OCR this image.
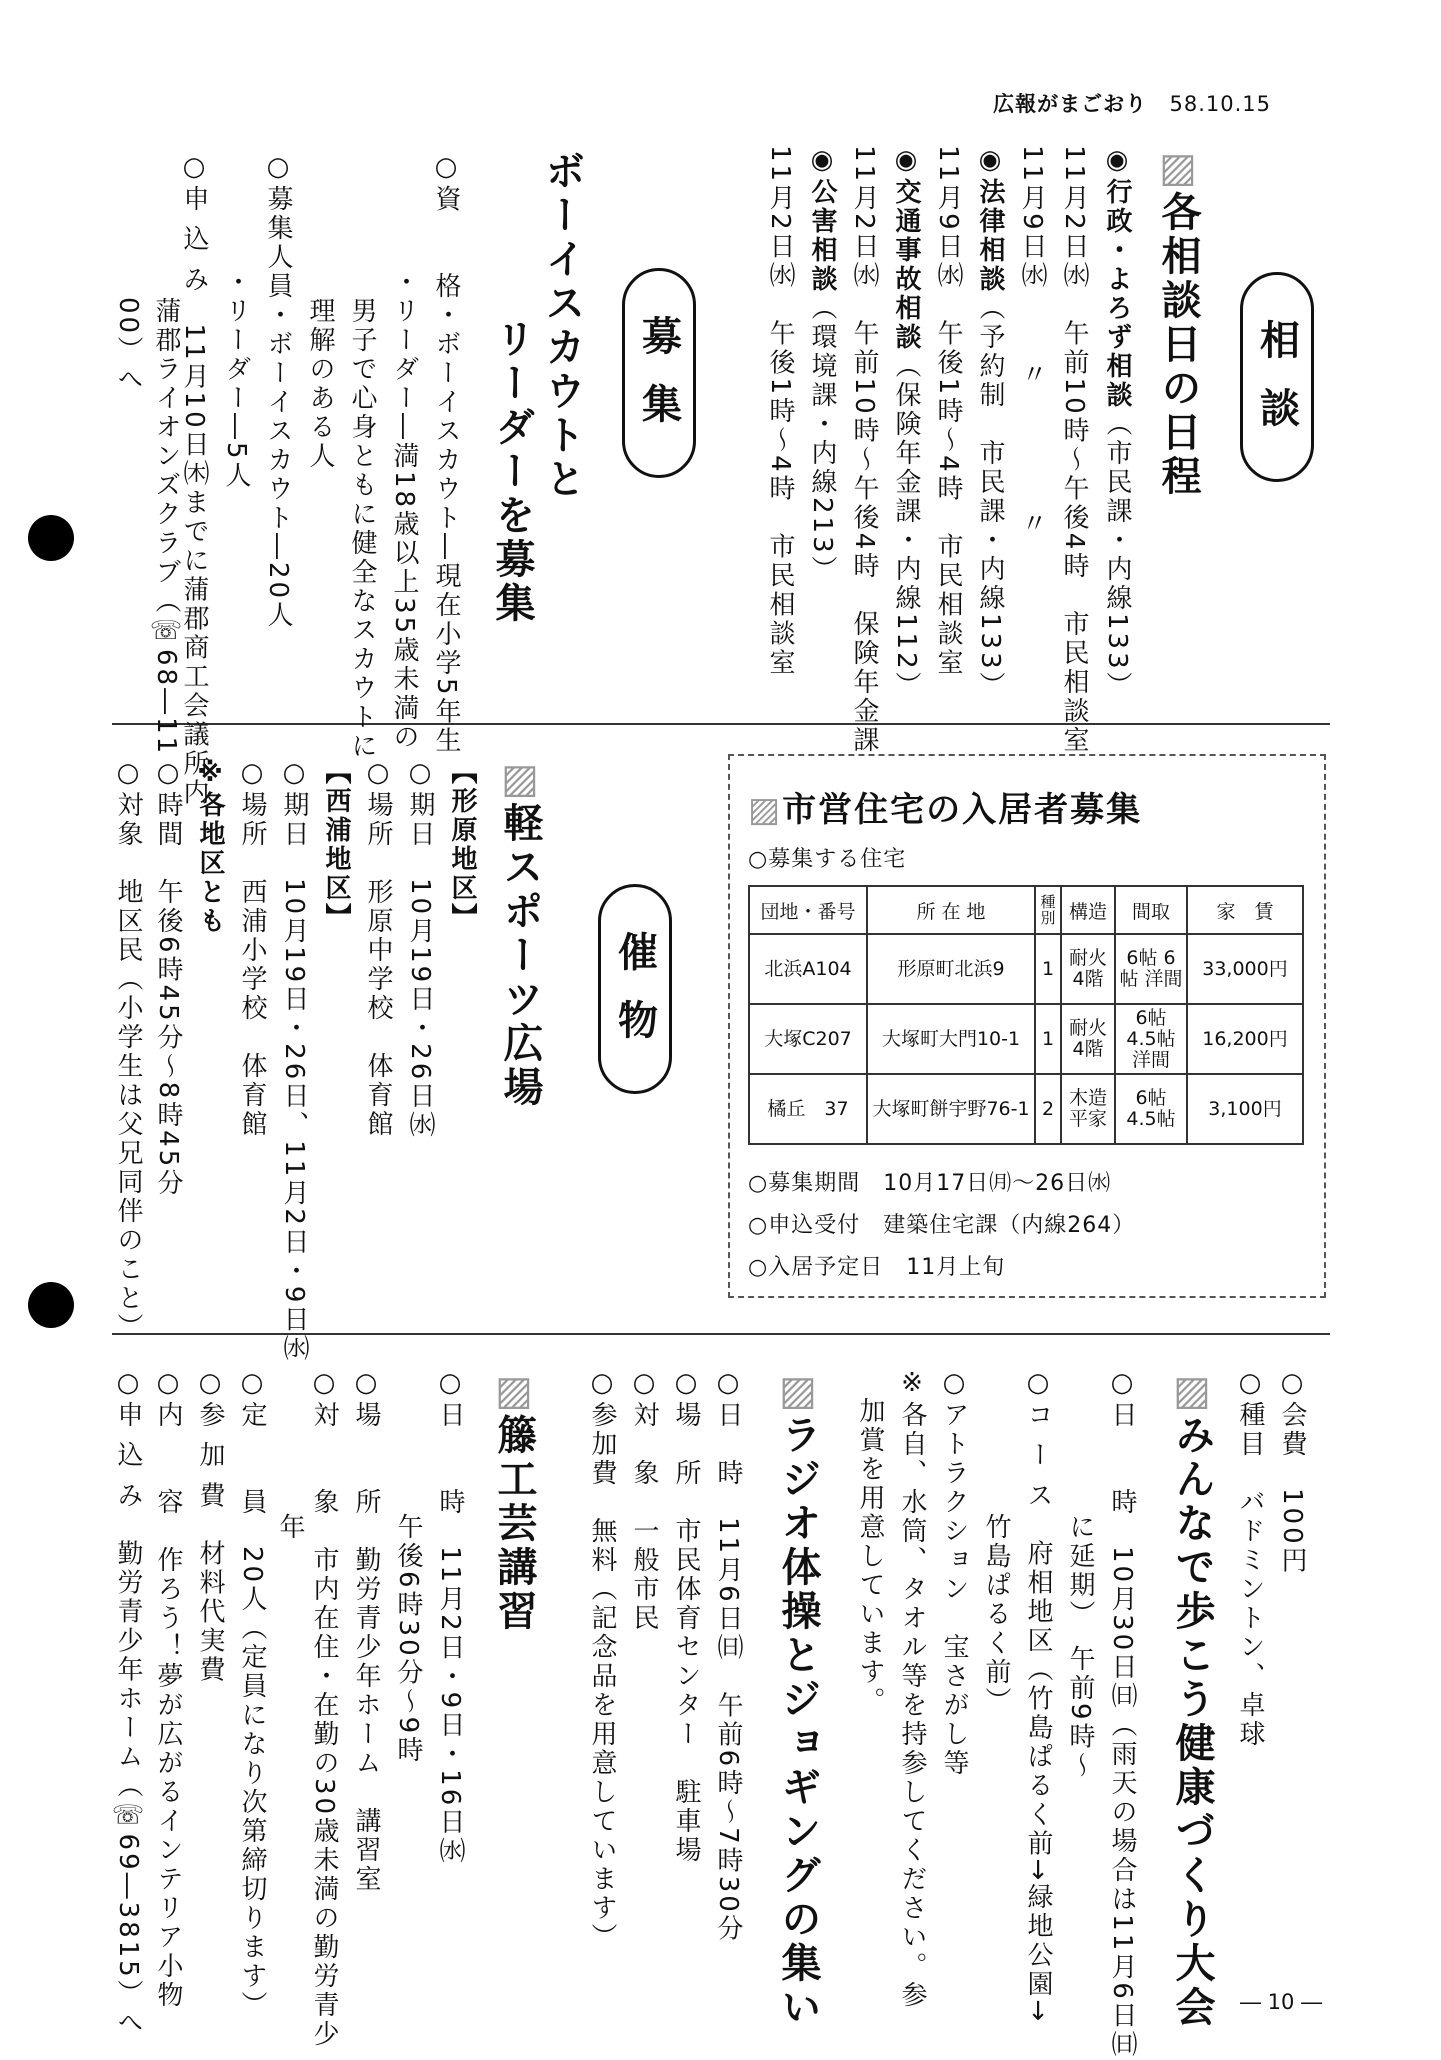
広報がまごおり 58.10.15
相談
▨各相談日の日程
◉行政・よろず相談（市民課・内線133）
11月2日㈬　午前10時〜午後4時　市民相談室
11月9日㈬〃〃
◉法律相談（予約制　市民課・内線133）
11月9日㈬　午後1時〜4時　市民相談室
◉交通事故相談（保険年金課・内線112）
11月2日㈬　午前10時〜午後4時　保険年金課
◉公害相談（環境課・内線213）
11月2日㈬　午後1時〜4時　市民相談室
募集
ボーイスカウトと
リーダーを募集
○資　　格・ボーイスカウト―現在小学5年生
　　　　・リーダー―満18歳以上35歳未満の
　　　　　男子で心身ともに健全なスカウトに
　　　　　理解のある人
○募集人員・ボーイスカウト―20人
　　　　・リーダー―5人
○申 込 み　11月10日㈭までに蒲郡商工会議所内
　　　　　蒲郡ライオンズクラブ（☏68―11
　　　　　00）へ
▨市営住宅の入居者募集
○募集する住宅
団地・番号	所 在 地	種別	構造	間取	家　賃
北浜A104	形原町北浜9	1	耐火 4階	6帖 6帖 洋間	33,000円
大塚C207	大塚町大門10-1	1	耐火 4階	6帖 4.5帖 洋間	16,200円
橘丘　37	大塚町餅宇野76-1	2	木造 平家	6帖 4.5帖	3,100円
○募集期間　10月17日㈪〜26日㈬
○申込受付　建築住宅課（内線264）
○入居予定日　11月上旬
催物
▨軽スポーツ広場
【形原地区】
○期日　10月19日・26日㈬
○場所　形原中学校　体育館
【西浦地区】
○期日　10月19日・26日、11月2日・9日㈬
○場所　西浦小学校　体育館
※各地区とも
○時間　午後6時45分〜8時45分
○対象　地区民（小学生は父兄同伴のこと）
○会費　100円
○種目　バドミントン、卓球
▨みんなで歩こう健康づくり大会
○日　　時　10月30日㈰（雨天の場合は11月6日㈰
　　　　　に延期）　午前9時〜
○コ ー ス　府相地区（竹島ぱるく前→緑地公園→
　　　　　竹島ぱるく前）
○アトラクション　宝さがし等
※各自、水筒、タオル等を持参してください。参
　加賞を用意しています。
▨ラジオ体操とジョギングの集い
○日　時　11月6日㈰　午前6時〜7時30分
○場　所　市民体育センター　駐車場
○対　象　一般市民
○参加費　無料（記念品を用意しています）
▨籐工芸講習
○日　　時　11月2日・9日・16日㈬
　　　　　午後6時30分〜9時
○場　　所　勤労青少年ホーム　講習室
○対　　象　市内在住・在勤の30歳未満の勤労青少
　　　　　年
○定　　員　20人（定員になり次第締切ります）
○参 加 費　材料代実費
○内　　容　作ろう！夢が広がるインテリア小物
○申 込 み　勤労青少年ホーム（☏69―3815）へ	― 10 ―
